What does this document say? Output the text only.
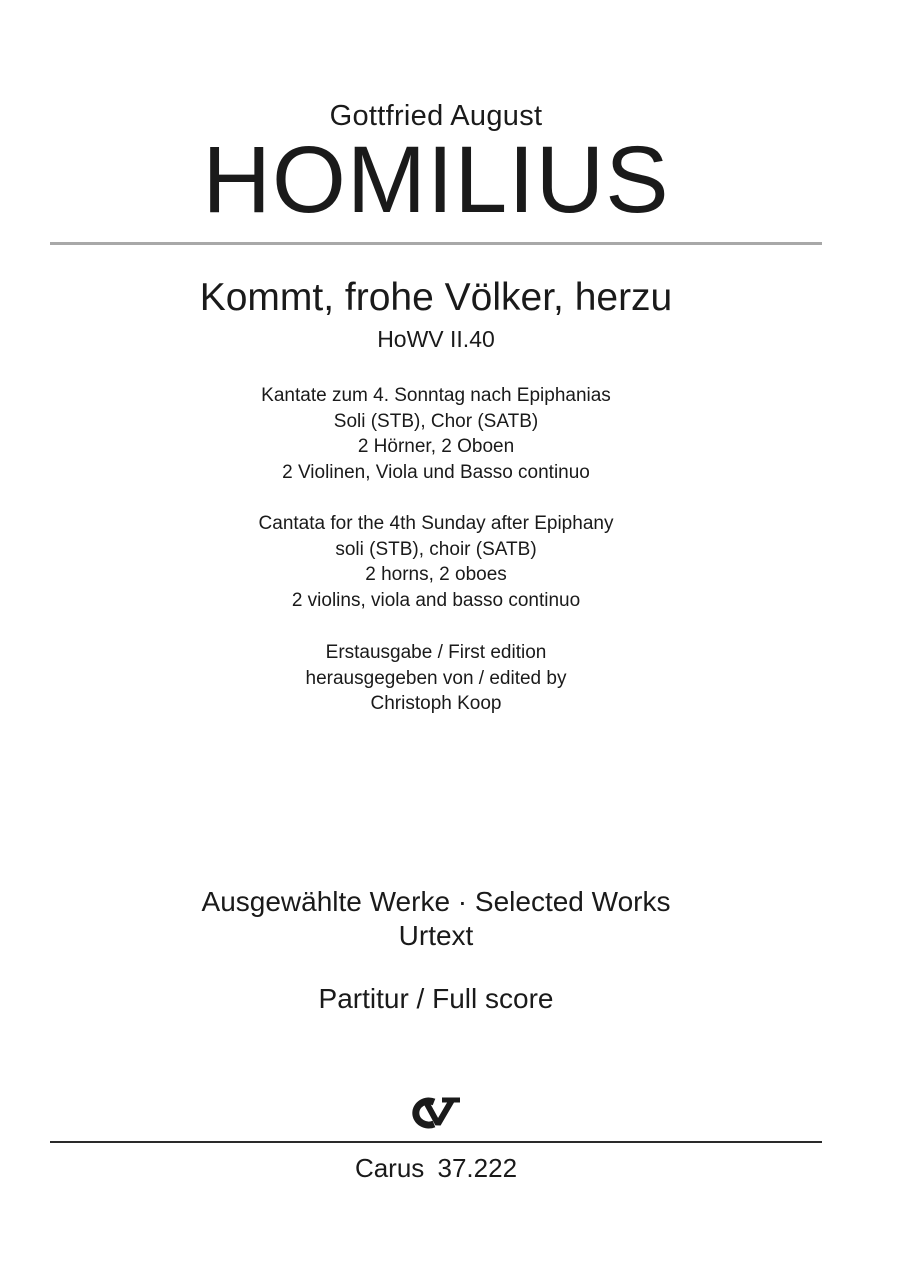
Gottfried August
HOMILIUS
Kommt, frohe Völker, herzu
HoWV II.40
Kantate zum 4. Sonntag nach Epiphanias
Soli (STB), Chor (SATB)
2 Hörner, 2 Oboen
2 Violinen, Viola und Basso continuo
Cantata for the 4th Sunday after Epiphany
soli (STB), choir (SATB)
2 horns, 2 oboes
2 violins, viola and basso continuo
Erstausgabe / First edition
herausgegeben von / edited by
Christoph Koop
Ausgewählte Werke · Selected Works
Urtext
Partitur / Full score
Carus 37.222
